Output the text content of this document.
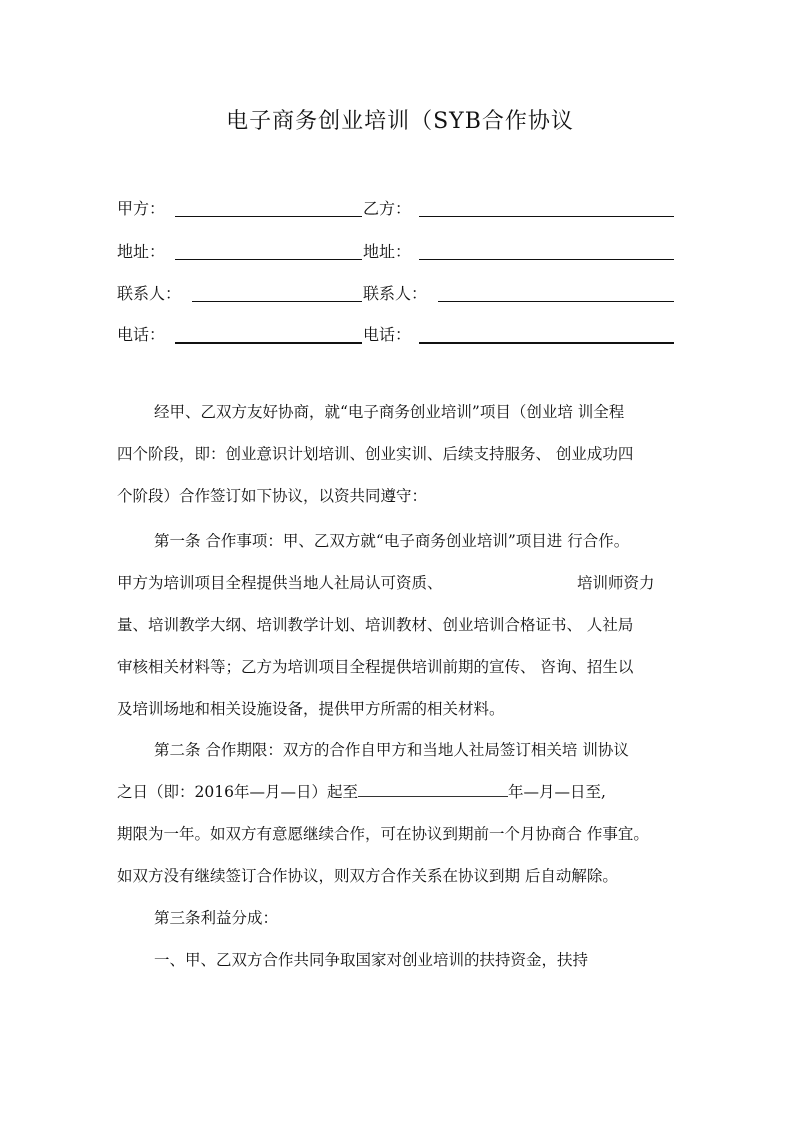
电子商务创业培训（SYB合作协议
甲方：	乙方：
地址：	地址：
联系人：	联系人：
电话：	电话：
经甲、乙双方友好协商，就“电子商务创业培训”项目（创业培 训全程
四个阶段，即：创业意识计划培训、创业实训、后续支持服务、 创业成功四
个阶段）合作签订如下协议，以资共同遵守：
第一条 合作事项：甲、乙双方就“电子商务创业培训”项目进 行合作。
甲方为培训项目全程提供当地人社局认可资质、	培训师资力
量、培训教学大纲、培训教学计划、培训教材、创业培训合格证书、 人社局
审核相关材料等；乙方为培训项目全程提供培训前期的宣传、 咨询、招生以
及培训场地和相关设施设备，提供甲方所需的相关材料。
第二条 合作期限：双方的合作自甲方和当地人社局签订相关培 训协议
之日（即：2016年—月—日）起至	年—月—日至,
期限为一年。如双方有意愿继续合作，可在协议到期前一个月协商合 作事宜。
如双方没有继续签订合作协议，则双方合作关系在协议到期 后自动解除。
第三条利益分成：
一、甲、乙双方合作共同争取国家对创业培训的扶持资金，扶持
